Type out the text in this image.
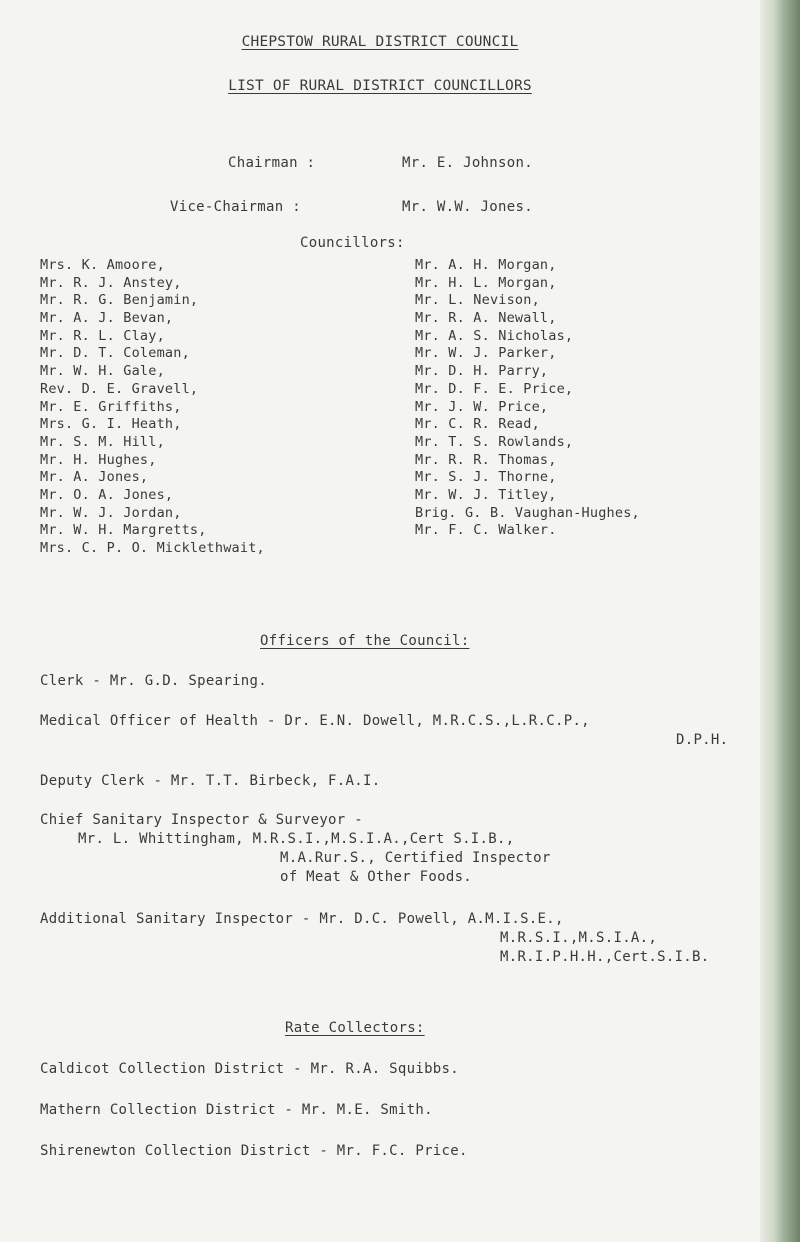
CHEPSTOW RURAL DISTRICT COUNCIL
LIST OF RURAL DISTRICT COUNCILLORS
Chairman :	Mr. E. Johnson.
Vice-Chairman :	Mr. W.W. Jones.
Councillors:
Mrs. K. Amoore,
Mr. R. J. Anstey,
Mr. R. G. Benjamin,
Mr. A. J. Bevan,
Mr. R. L. Clay,
Mr. D. T. Coleman,
Mr. W. H. Gale,
Rev. D. E. Gravell,
Mr. E. Griffiths,
Mrs. G. I. Heath,
Mr. S. M. Hill,
Mr. H. Hughes,
Mr. A. Jones,
Mr. O. A. Jones,
Mr. W. J. Jordan,
Mr. W. H. Margretts,
Mrs. C. P. O. Micklethwait,
Mr. A. H. Morgan,
Mr. H. L. Morgan,
Mr. L. Nevison,
Mr. R. A. Newall,
Mr. A. S. Nicholas,
Mr. W. J. Parker,
Mr. D. H. Parry,
Mr. D. F. E. Price,
Mr. J. W. Price,
Mr. C. R. Read,
Mr. T. S. Rowlands,
Mr. R. R. Thomas,
Mr. S. J. Thorne,
Mr. W. J. Titley,
Brig. G. B. Vaughan-Hughes,
Mr. F. C. Walker.
Officers of the Council:
Clerk - Mr. G.D. Spearing.
Medical Officer of Health - Dr. E.N. Dowell, M.R.C.S.,L.R.C.P.,
D.P.H.
Deputy Clerk - Mr. T.T. Birbeck, F.A.I.
Chief Sanitary Inspector & Surveyor -
Mr. L. Whittingham, M.R.S.I.,M.S.I.A.,Cert S.I.B.,
M.A.Rur.S., Certified Inspector
of Meat & Other Foods.
Additional Sanitary Inspector - Mr. D.C. Powell, A.M.I.S.E.,
M.R.S.I.,M.S.I.A.,
M.R.I.P.H.H.,Cert.S.I.B.
Rate Collectors:
Caldicot Collection District - Mr. R.A. Squibbs.
Mathern Collection District - Mr. M.E. Smith.
Shirenewton Collection District - Mr. F.C. Price.
